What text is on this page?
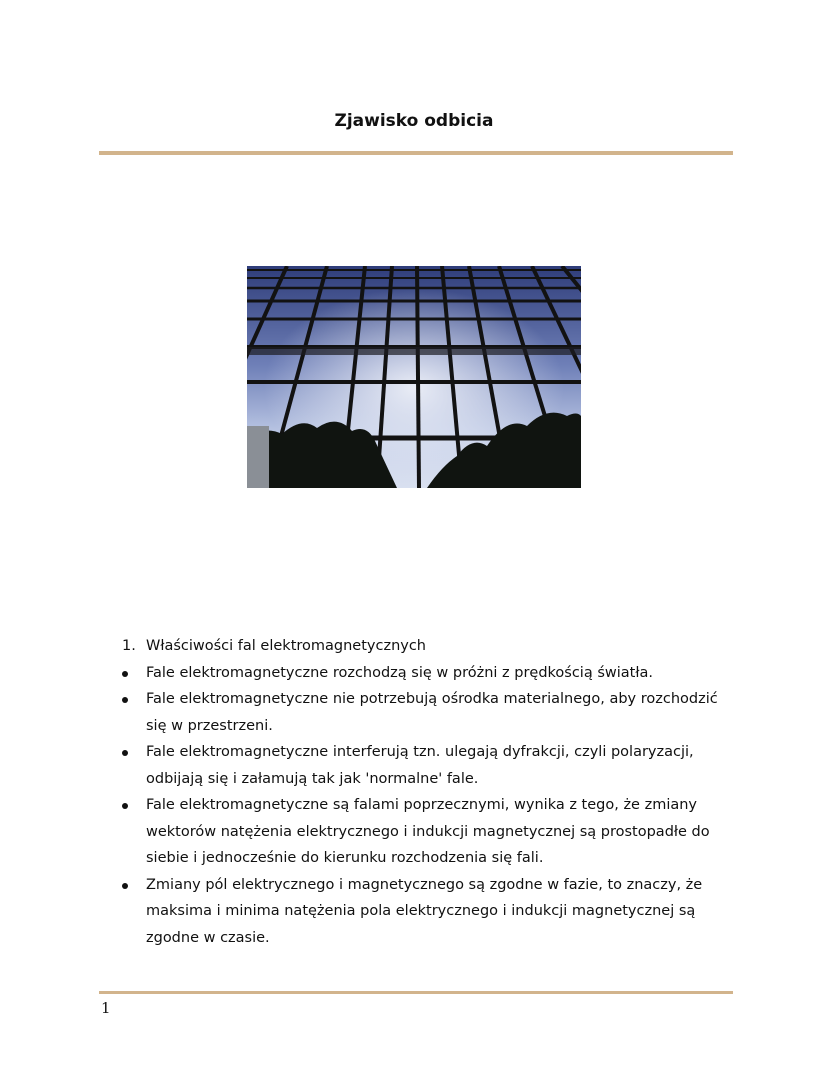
Zjawisko odbicia
1. Właściwości fal elektromagnetycznych
Fale elektromagnetyczne rozchodzą się w próżni z prędkością światła.
Fale elektromagnetyczne nie potrzebują ośrodka materialnego, aby rozchodzić się w przestrzeni.
Fale elektromagnetyczne interferują tzn. ulegają dyfrakcji, czyli polaryzacji, odbijają się i załamują tak jak 'normalne' fale.
Fale elektromagnetyczne są falami poprzecznymi, wynika z tego, że zmiany wektorów natężenia elektrycznego i indukcji magnetycznej są prostopadłe do siebie i jednocześnie do kierunku rozchodzenia się fali.
Zmiany pól elektrycznego i magnetycznego są zgodne w fazie, to znaczy, że maksima i minima natężenia pola elektrycznego i indukcji magnetycznej są zgodne w czasie.
1
